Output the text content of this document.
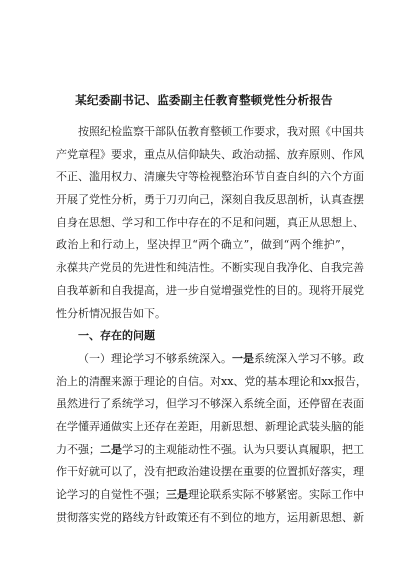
某纪委副书记、监委副主任教育整顿党性分析报告
按照纪检监察干部队伍教育整顿工作要求，我对照《中国共
产党章程》要求，重点从信仰缺失、政治动摇、放弃原则、作风
不正、滥用权力、清廉失守等检视整治环节自查自纠的六个方面
开展了党性分析，勇于刀刃向己，深刻自我反思剖析，认真查摆
自身在思想、学习和工作中存在的不足和问题，真正从思想上、
政治上和行动上，坚决捍卫“两个确立”，做到“两个维护”，
永葆共产党员的先进性和纯洁性。不断实现自我净化、自我完善
自我革新和自我提高，进一步自觉增强党性的目的。现将开展党
性分析情况报告如下。
一、存在的问题
（一）理论学习不够系统深入。一是系统深入学习不够。政
治上的清醒来源于理论的自信。对xx、党的基本理论和xx报告，
虽然进行了系统学习，但学习不够深入系统全面，还停留在表面
在学懂弄通做实上还存在差距，用新思想、新理论武装头脑的能
力不强；二是学习的主观能动性不强。认为只要认真履职，把工
作干好就可以了，没有把政治建设摆在重要的位置抓好落实，理
论学习的自觉性不强；三是理论联系实际不够紧密。实际工作中
贯彻落实党的路线方针政策还有不到位的地方，运用新思想、新
